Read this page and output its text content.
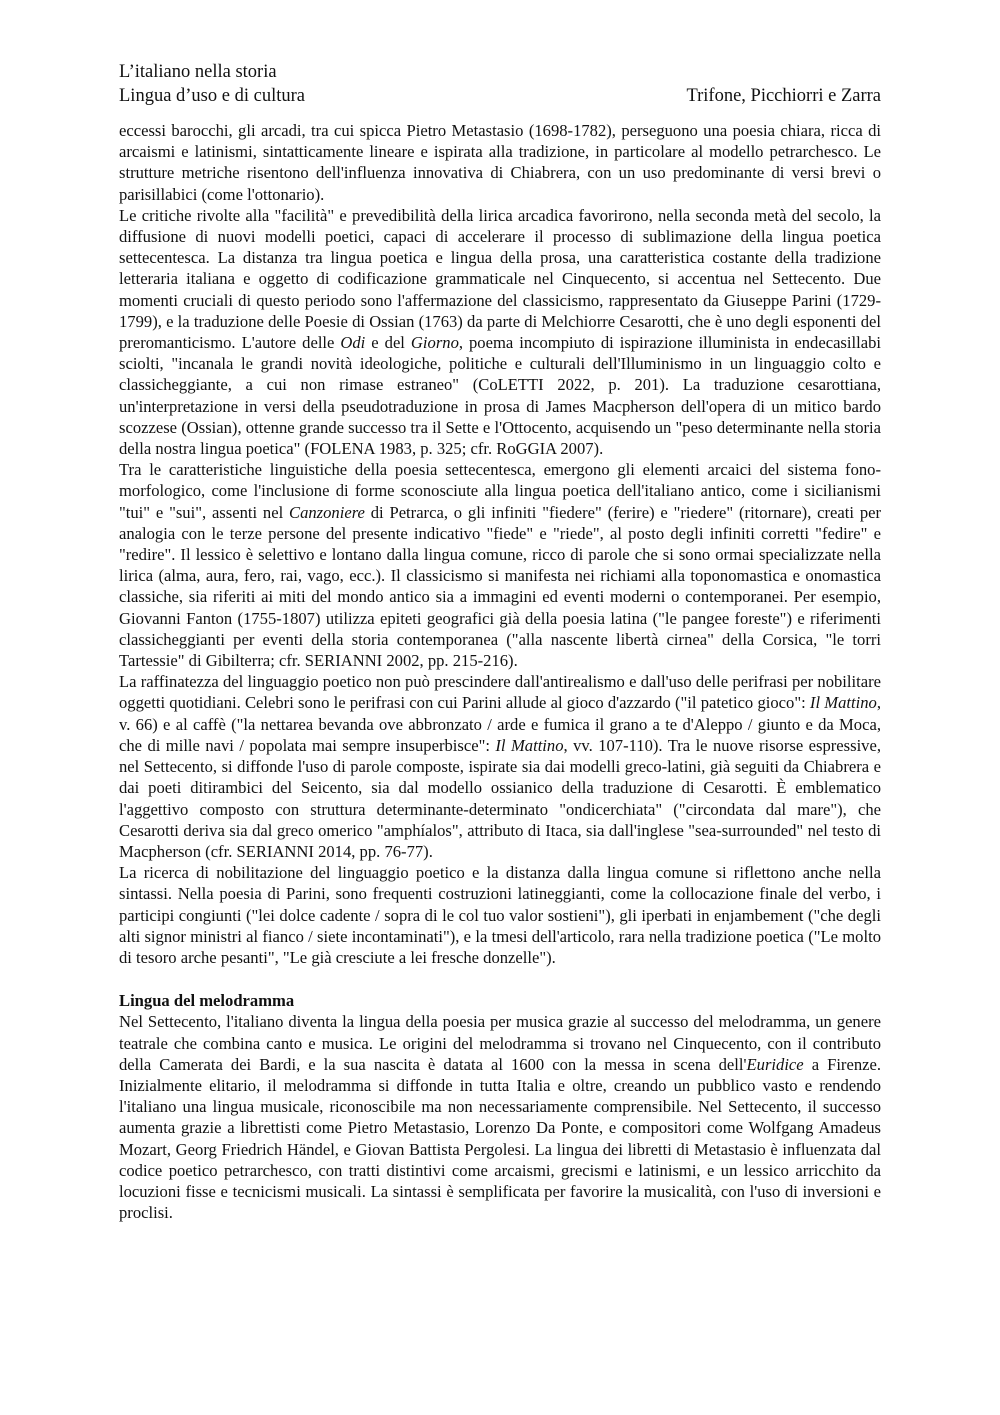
L’italiano nella storia
Lingua d’uso e di cultura	Trifone, Picchiorri e Zarra

eccessi barocchi, gli arcadi, tra cui spicca Pietro Metastasio (1698-1782), perseguono una poesia chiara, ricca di arcaismi e latinismi, sintatticamente lineare e ispirata alla tradizione, in particolare al modello petrarchesco. Le strutture metriche risentono dell'influenza innovativa di Chiabrera, con un uso predominante di versi brevi o parisillabici (come l'ottonario).

Le critiche rivolte alla "facilità" e prevedibilità della lirica arcadica favorirono, nella seconda metà del secolo, la diffusione di nuovi modelli poetici, capaci di accelerare il processo di sublimazione della lingua poetica settecentesca. La distanza tra lingua poetica e lingua della prosa, una caratteristica costante della tradizione letteraria italiana e oggetto di codificazione grammaticale nel Cinquecento, si accentua nel Settecento. Due momenti cruciali di questo periodo sono l'affermazione del classicismo, rappresentato da Giuseppe Parini (1729-1799), e la traduzione delle Poesie di Ossian (1763) da parte di Melchiorre Cesarotti, che è uno degli esponenti del preromanticismo. L'autore delle Odi e del Giorno, poema incompiuto di ispirazione illuminista in endecasillabi sciolti, "incanala le grandi novità ideologiche, politiche e culturali dell'Illuminismo in un linguaggio colto e classicheggiante, a cui non rimase estraneo" (CoLETTI 2022, p. 201). La traduzione cesarottiana, un'interpretazione in versi della pseudotraduzione in prosa di James Macpherson dell'opera di un mitico bardo scozzese (Ossian), ottenne grande successo tra il Sette e l'Ottocento, acquisendo un "peso determinante nella storia della nostra lingua poetica" (FOLENA 1983, p. 325; cfr. RoGGIA 2007).

Tra le caratteristiche linguistiche della poesia settecentesca, emergono gli elementi arcaici del sistema fono-morfologico, come l'inclusione di forme sconosciute alla lingua poetica dell'italiano antico, come i sicilianismi "tui" e "sui", assenti nel Canzoniere di Petrarca, o gli infiniti "fiedere" (ferire) e "riedere" (ritornare), creati per analogia con le terze persone del presente indicativo "fiede" e "riede", al posto degli infiniti corretti "fedire" e "redire". Il lessico è selettivo e lontano dalla lingua comune, ricco di parole che si sono ormai specializzate nella lirica (alma, aura, fero, rai, vago, ecc.). Il classicismo si manifesta nei richiami alla toponomastica e onomastica classiche, sia riferiti ai miti del mondo antico sia a immagini ed eventi moderni o contemporanei. Per esempio, Giovanni Fanton (1755-1807) utilizza epiteti geografici già della poesia latina ("le pangee foreste") e riferimenti classicheggianti per eventi della storia contemporanea ("alla nascente libertà cirnea" della Corsica, "le torri Tartessie" di Gibilterra; cfr. SERIANNI 2002, pp. 215-216).

La raffinatezza del linguaggio poetico non può prescindere dall'antirealismo e dall'uso delle perifrasi per nobilitare oggetti quotidiani. Celebri sono le perifrasi con cui Parini allude al gioco d'azzardo ("il patetico gioco": Il Mattino, v. 66) e al caffè ("la nettarea bevanda ove abbronzato / arde e fumica il grano a te d'Aleppo / giunto e da Moca, che di mille navi / popolata mai sempre insuperbisce": Il Mattino, vv. 107-110). Tra le nuove risorse espressive, nel Settecento, si diffonde l'uso di parole composte, ispirate sia dai modelli greco-latini, già seguiti da Chiabrera e dai poeti ditirambici del Seicento, sia dal modello ossianico della traduzione di Cesarotti. È emblematico l'aggettivo composto con struttura determinante-determinato "ondicerchiata" ("circondata dal mare"), che Cesarotti deriva sia dal greco omerico "amphíalos", attributo di Itaca, sia dall'inglese "sea-surrounded" nel testo di Macpherson (cfr. SERIANNI 2014, pp. 76-77).

La ricerca di nobilitazione del linguaggio poetico e la distanza dalla lingua comune si riflettono anche nella sintassi. Nella poesia di Parini, sono frequenti costruzioni latineggianti, come la collocazione finale del verbo, i participi congiunti ("lei dolce cadente / sopra di le col tuo valor sostieni"), gli iperbati in enjambement ("che degli alti signor ministri al fianco / siete incontaminati"), e la tmesi dell'articolo, rara nella tradizione poetica ("Le molto di tesoro arche pesanti", "Le già cresciute a lei fresche donzelle").

Lingua del melodramma

Nel Settecento, l'italiano diventa la lingua della poesia per musica grazie al successo del melodramma, un genere teatrale che combina canto e musica. Le origini del melodramma si trovano nel Cinquecento, con il contributo della Camerata dei Bardi, e la sua nascita è datata al 1600 con la messa in scena dell'Euridice a Firenze. Inizialmente elitario, il melodramma si diffonde in tutta Italia e oltre, creando un pubblico vasto e rendendo l'italiano una lingua musicale, riconoscibile ma non necessariamente comprensibile. Nel Settecento, il successo aumenta grazie a librettisti come Pietro Metastasio, Lorenzo Da Ponte, e compositori come Wolfgang Amadeus Mozart, Georg Friedrich Händel, e Giovan Battista Pergolesi. La lingua dei libretti di Metastasio è influenzata dal codice poetico petrarchesco, con tratti distintivi come arcaismi, grecismi e latinismi, e un lessico arricchito da locuzioni fisse e tecnicismi musicali. La sintassi è semplificata per favorire la musicalità, con l'uso di inversioni e proclisi.
